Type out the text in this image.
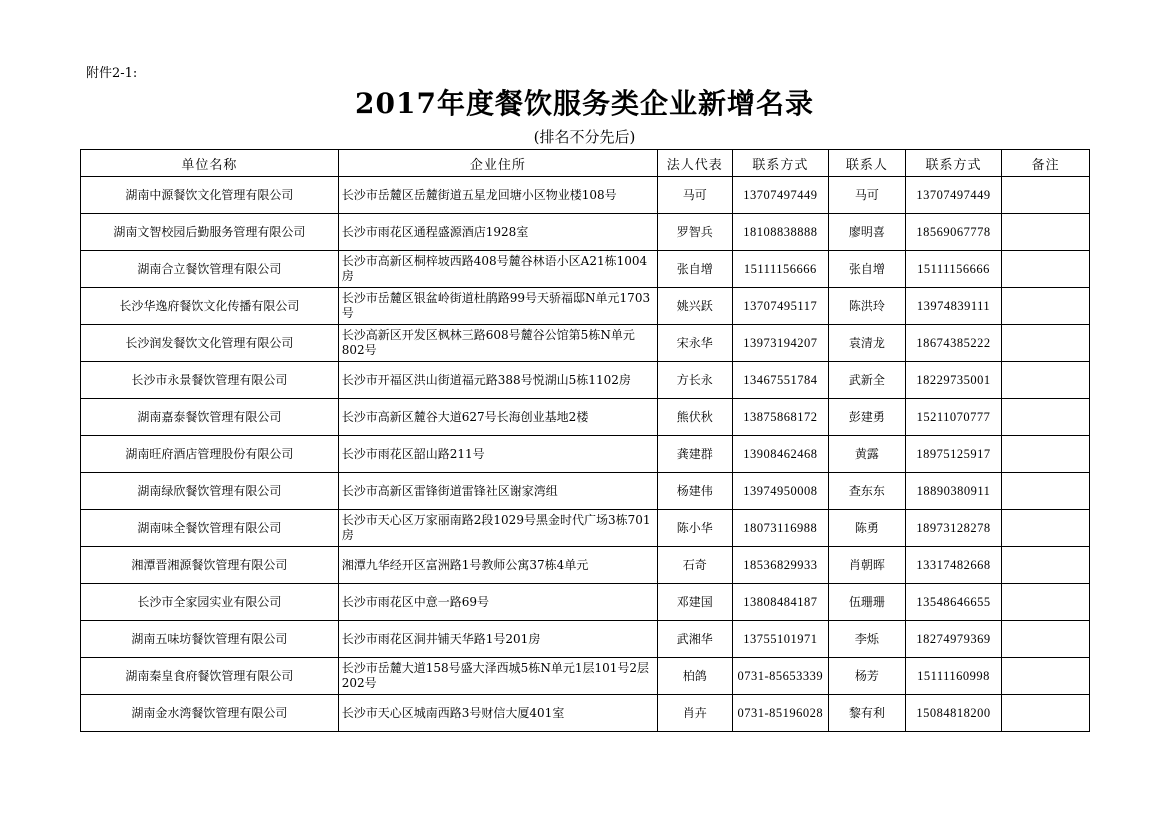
附件2-1:
2017年度餐饮服务类企业新增名录
(排名不分先后)
单位名称	企业住所	法人代表	联系方式	联系人	联系方式	备注
湖南中源餐饮文化管理有限公司	长沙市岳麓区岳麓街道五星龙回塘小区物业楼108号	马可	13707497449	马可	13707497449	
湖南文智校园后勤服务管理有限公司	长沙市雨花区通程盛源酒店1928室	罗智兵	18108838888	廖明喜	18569067778	
湖南合立餐饮管理有限公司	长沙市高新区桐梓坡西路408号麓谷林语小区A21栋1004房	张自增	15111156666	张自增	15111156666	
长沙华逸府餐饮文化传播有限公司	长沙市岳麓区银盆岭街道杜鹃路99号天骄福邸N单元1703号	姚兴跃	13707495117	陈洪玲	13974839111	
长沙润发餐饮文化管理有限公司	长沙高新区开发区枫林三路608号麓谷公馆第5栋N单元802号	宋永华	13973194207	袁清龙	18674385222	
长沙市永景餐饮管理有限公司	长沙市开福区洪山街道福元路388号悦湖山5栋1102房	方长永	13467551784	武新全	18229735001	
湖南嘉泰餐饮管理有限公司	长沙市高新区麓谷大道627号长海创业基地2楼	熊伏秋	13875868172	彭建勇	15211070777	
湖南旺府酒店管理股份有限公司	长沙市雨花区韶山路211号	龚建群	13908462468	黄露	18975125917	
湖南绿欣餐饮管理有限公司	长沙市高新区雷锋街道雷锋社区谢家湾组	杨建伟	13974950008	查东东	18890380911	
湖南味全餐饮管理有限公司	长沙市天心区万家丽南路2段1029号黑金时代广场3栋701房	陈小华	18073116988	陈勇	18973128278	
湘潭晋湘源餐饮管理有限公司	湘潭九华经开区富洲路1号教师公寓37栋4单元	石奇	18536829933	肖朝晖	13317482668	
长沙市全家园实业有限公司	长沙市雨花区中意一路69号	邓建国	13808484187	伍珊珊	13548646655	
湖南五味坊餐饮管理有限公司	长沙市雨花区洞井铺天华路1号201房	武湘华	13755101971	李烁	18274979369	
湖南秦皇食府餐饮管理有限公司	长沙市岳麓大道158号盛大泽西城5栋N单元1层101号2层202号	柏鸽	0731-85653339	杨芳	15111160998	
湖南金水湾餐饮管理有限公司	长沙市天心区城南西路3号财信大厦401室	肖卉	0731-85196028	黎有利	15084818200	
